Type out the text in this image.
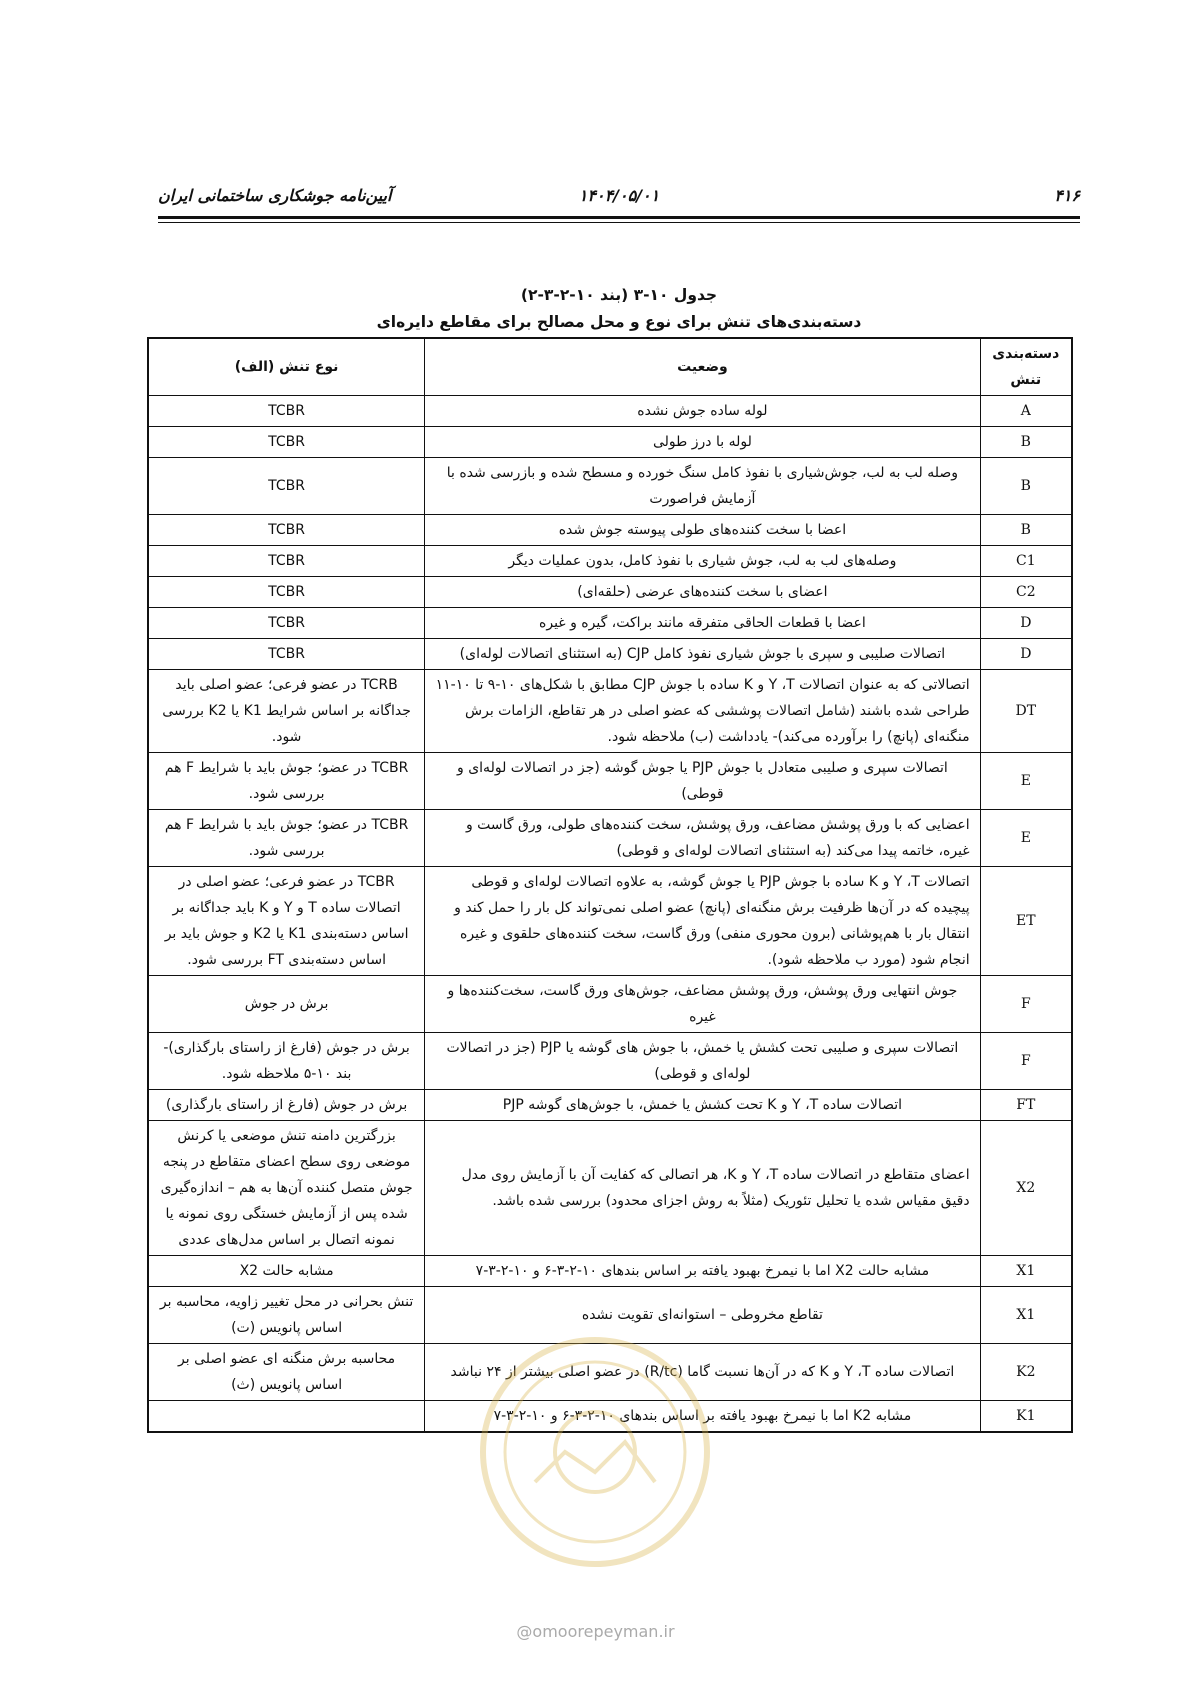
۴۱۶
۱۴۰۴/۰۵/۰۱
آیین‌نامه جوشکاری ساختمانی ایران
جدول ۱۰-۳ (بند ۱۰-۲-۳-۲)
دسته‌بندی‌های تنش برای نوع و محل مصالح برای مقاطع دایره‌ای
دسته‌بندی تنش	وضعیت	نوع تنش (الف)
A	لوله ساده جوش نشده	TCBR
B	لوله با درز طولی	TCBR
B	وصله لب به لب، جوش‌شیاری با نفوذ کامل سنگ خورده و مسطح شده و بازرسی شده با آزمایش فراصورت	TCBR
B	اعضا با سخت کننده‌های طولی پیوسته جوش شده	TCBR
C1	وصله‌های لب به لب، جوش شیاری با نفوذ کامل، بدون عملیات دیگر	TCBR
C2	اعضای با سخت کننده‌های عرضی (حلقه‌ای)	TCBR
D	اعضا با قطعات الحاقی متفرقه مانند براکت، گیره و غیره	TCBR
D	اتصالات صلیبی و سپری با جوش شیاری نفوذ کامل CJP (به استثنای اتصالات لوله‌ای)	TCBR
DT	اتصالاتی که به عنوان اتصالات Y ،T و K ساده با جوش CJP مطابق با شکل‌های ۱۰-۹ تا ۱۰-۱۱ طراحی شده باشند (شامل اتصالات پوششی که عضو اصلی در هر تقاطع، الزامات برش منگنه‌ای (پانچ) را برآورده می‌کند)- یادداشت (ب) ملاحظه شود.	TCRB در عضو فرعی؛ عضو اصلی باید جداگانه بر اساس شرایط K1 یا K2 بررسی شود.
E	اتصالات سپری و صلیبی متعادل با جوش PJP یا جوش گوشه (جز در اتصالات لوله‌ای و قوطی)	TCBR در عضو؛ جوش باید با شرایط F هم بررسی شود.
E	اعضایی که با ورق پوشش مضاعف، ورق پوشش، سخت کننده‌های طولی، ورق گاست و غیره، خاتمه پیدا می‌کند (به استثنای اتصالات لوله‌ای و قوطی)	TCBR در عضو؛ جوش باید با شرایط F هم بررسی شود.
ET	اتصالات Y ،T و K ساده با جوش PJP یا جوش گوشه، به علاوه اتصالات لوله‌ای و قوطی پیچیده که در آن‌ها ظرفیت برش منگنه‌ای (پانچ) عضو اصلی نمی‌تواند کل بار را حمل کند و انتقال بار با هم‌پوشانی (برون محوری منفی) ورق گاست، سخت کننده‌های حلقوی و غیره انجام شود (مورد ب ملاحظه شود).	TCBR در عضو فرعی؛ عضو اصلی در اتصالات ساده T و Y و K باید جداگانه بر اساس دسته‌بندی K1 یا K2 و جوش باید بر اساس دسته‌بندی FT بررسی شود.
F	جوش انتهایی ورق پوشش، ورق پوشش مضاعف، جوش‌های ورق گاست، سخت‌کننده‌ها و غیره	برش در جوش
F	اتصالات سپری و صلیبی تحت کشش یا خمش، با جوش های گوشه یا PJP (جز در اتصالات لوله‌ای و قوطی)	برش در جوش (فارغ از راستای بارگذاری)- بند ۱۰-۵ ملاحظه شود.
FT	اتصالات ساده Y ،T و K تحت کشش یا خمش، با جوش‌های گوشه PJP	برش در جوش (فارغ از راستای بارگذاری)
X2	اعضای متقاطع در اتصالات ساده Y ،T و K، هر اتصالی که کفایت آن با آزمایش روی مدل دقیق مقیاس شده یا تحلیل تئوریک (مثلاً به روش اجزای محدود) بررسی شده باشد.	بزرگترین دامنه تنش موضعی یا کرنش موضعی روی سطح اعضای متقاطع در پنجه جوش متصل کننده آن‌ها به هم – اندازه‌گیری شده پس از آزمایش خستگی روی نمونه یا نمونه اتصال بر اساس مدل‌های عددی
X1	مشابه حالت X2 اما با نیمرخ بهبود یافته بر اساس بندهای ۱۰-۲-۳-۶ و ۱۰-۲-۳-۷	مشابه حالت X2
X1	تقاطع مخروطی – استوانه‌ای تقویت نشده	تنش بحرانی در محل تغییر زاویه، محاسبه بر اساس پانویس (ت)
K2	اتصالات ساده Y ،T و K که در آن‌ها نسبت گاما (R/tc) در عضو اصلی بیشتر از ۲۴ نباشد	محاسبه برش منگنه ای عضو اصلی بر اساس پانویس (ث)
K1	مشابه K2 اما با نیمرخ بهبود یافته بر اساس بندهای ۱۰-۲-۳-۶ و ۱۰-۲-۳-۷	
@omoorepeyman.ir
